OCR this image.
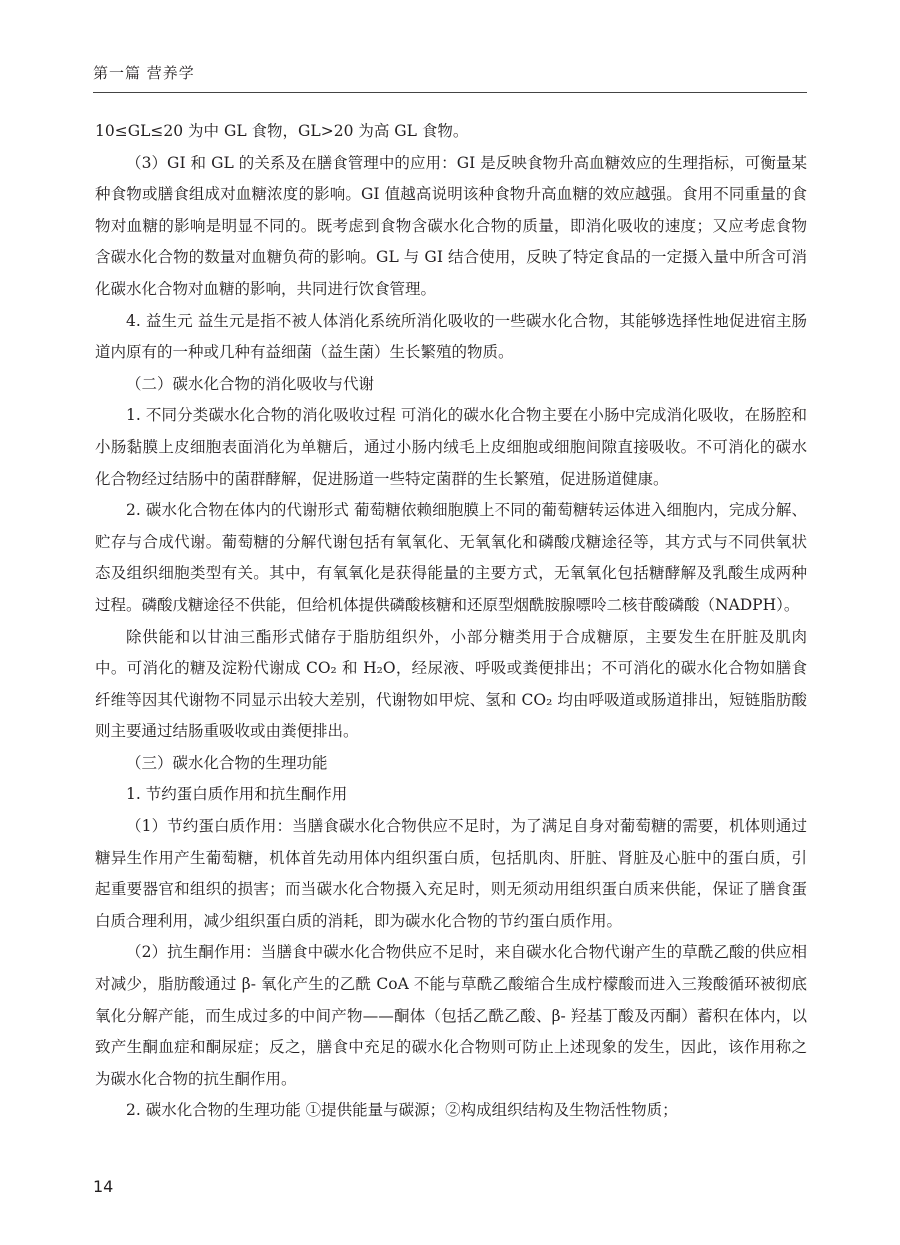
第一篇 营养学

10≤GL≤20 为中 GL 食物，GL>20 为高 GL 食物。

（3）GI 和 GL 的关系及在膳食管理中的应用：GI 是反映食物升高血糖效应的生理指标，可衡量某种食物或膳食组成对血糖浓度的影响。GI 值越高说明该种食物升高血糖的效应越强。食用不同重量的食物对血糖的影响是明显不同的。既考虑到食物含碳水化合物的质量，即消化吸收的速度；又应考虑食物含碳水化合物的数量对血糖负荷的影响。GL 与 GI 结合使用，反映了特定食品的一定摄入量中所含可消化碳水化合物对血糖的影响，共同进行饮食管理。

4. 益生元 益生元是指不被人体消化系统所消化吸收的一些碳水化合物，其能够选择性地促进宿主肠道内原有的一种或几种有益细菌（益生菌）生长繁殖的物质。

（二）碳水化合物的消化吸收与代谢

1. 不同分类碳水化合物的消化吸收过程 可消化的碳水化合物主要在小肠中完成消化吸收，在肠腔和小肠黏膜上皮细胞表面消化为单糖后，通过小肠内绒毛上皮细胞或细胞间隙直接吸收。不可消化的碳水化合物经过结肠中的菌群酵解，促进肠道一些特定菌群的生长繁殖，促进肠道健康。

2. 碳水化合物在体内的代谢形式 葡萄糖依赖细胞膜上不同的葡萄糖转运体进入细胞内，完成分解、贮存与合成代谢。葡萄糖的分解代谢包括有氧氧化、无氧氧化和磷酸戊糖途径等，其方式与不同供氧状态及组织细胞类型有关。其中，有氧氧化是获得能量的主要方式，无氧氧化包括糖酵解及乳酸生成两种过程。磷酸戊糖途径不供能，但给机体提供磷酸核糖和还原型烟酰胺腺嘌呤二核苷酸磷酸（NADPH）。

除供能和以甘油三酯形式储存于脂肪组织外，小部分糖类用于合成糖原，主要发生在肝脏及肌肉中。可消化的糖及淀粉代谢成 CO₂ 和 H₂O，经尿液、呼吸或粪便排出；不可消化的碳水化合物如膳食纤维等因其代谢物不同显示出较大差别，代谢物如甲烷、氢和 CO₂ 均由呼吸道或肠道排出，短链脂肪酸则主要通过结肠重吸收或由粪便排出。

（三）碳水化合物的生理功能

1. 节约蛋白质作用和抗生酮作用

（1）节约蛋白质作用：当膳食碳水化合物供应不足时，为了满足自身对葡萄糖的需要，机体则通过糖异生作用产生葡萄糖，机体首先动用体内组织蛋白质，包括肌肉、肝脏、肾脏及心脏中的蛋白质，引起重要器官和组织的损害；而当碳水化合物摄入充足时，则无须动用组织蛋白质来供能，保证了膳食蛋白质合理利用，减少组织蛋白质的消耗，即为碳水化合物的节约蛋白质作用。

（2）抗生酮作用：当膳食中碳水化合物供应不足时，来自碳水化合物代谢产生的草酰乙酸的供应相对减少，脂肪酸通过 β- 氧化产生的乙酰 CoA 不能与草酰乙酸缩合生成柠檬酸而进入三羧酸循环被彻底氧化分解产能，而生成过多的中间产物——酮体（包括乙酰乙酸、β- 羟基丁酸及丙酮）蓄积在体内，以致产生酮血症和酮尿症；反之，膳食中充足的碳水化合物则可防止上述现象的发生，因此，该作用称之为碳水化合物的抗生酮作用。

2. 碳水化合物的生理功能 ①提供能量与碳源；②构成组织结构及生物活性物质；

14
